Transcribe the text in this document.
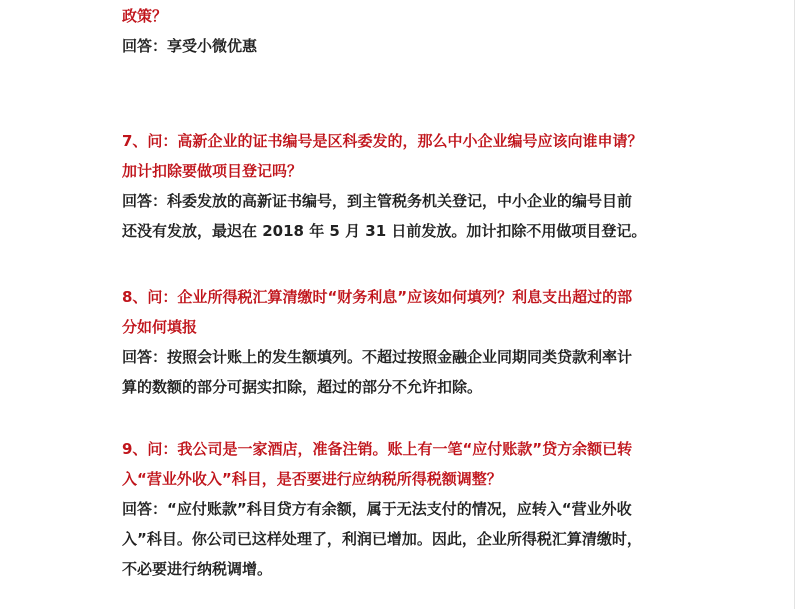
政策？
回答：享受小微优惠
7、问：高新企业的证书编号是区科委发的，那么中小企业编号应该向谁申请？
加计扣除要做项目登记吗？
回答：科委发放的高新证书编号，到主管税务机关登记，中小企业的编号目前
还没有发放，最迟在 2018 年 5 月 31 日前发放。加计扣除不用做项目登记。
8、问：企业所得税汇算清缴时“财务利息”应该如何填列？利息支出超过的部
分如何填报
回答：按照会计账上的发生额填列。不超过按照金融企业同期同类贷款利率计
算的数额的部分可据实扣除，超过的部分不允许扣除。
9、问：我公司是一家酒店，准备注销。账上有一笔“应付账款”贷方余额已转
入“营业外收入”科目，是否要进行应纳税所得税额调整？
回答：“应付账款”科目贷方有余额，属于无法支付的情况，应转入“营业外收
入”科目。你公司已这样处理了，利润已增加。因此，企业所得税汇算清缴时，
不必要进行纳税调增。
